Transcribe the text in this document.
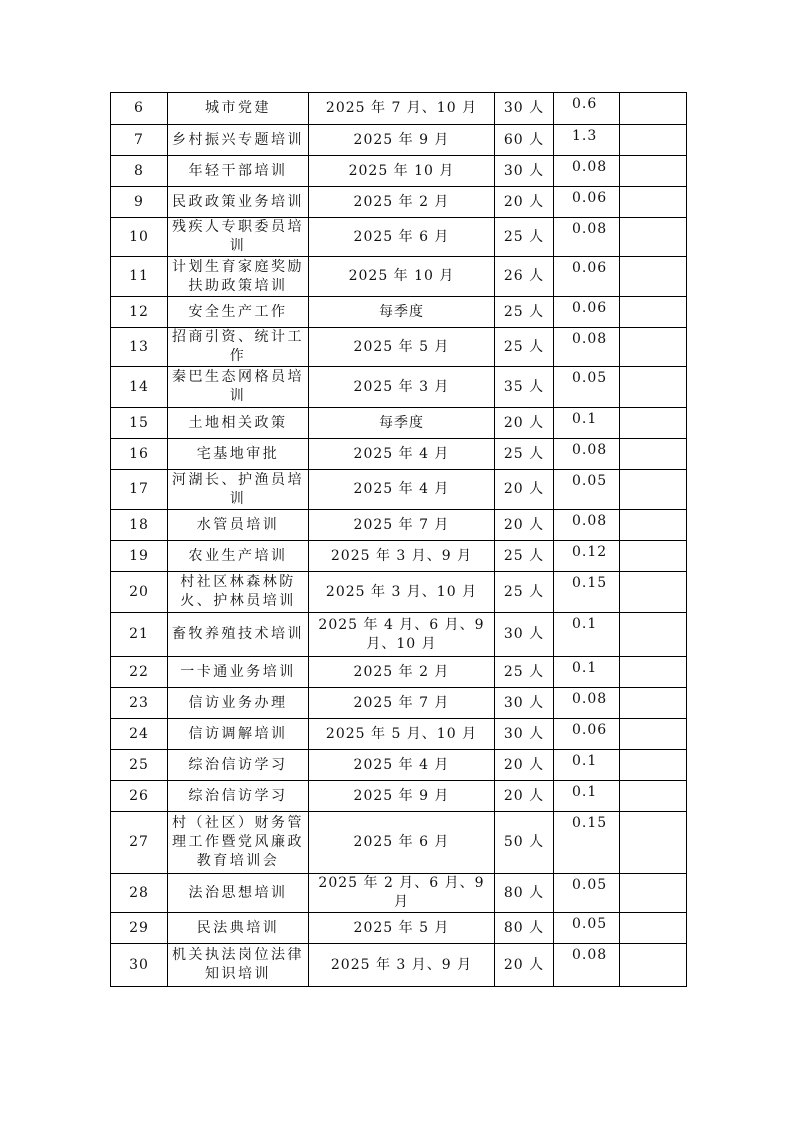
6	城市党建	2025 年 7 月、10 月	30 人	0.6	
7	乡村振兴专题培训	2025 年 9 月	60 人	1.3	
8	年轻干部培训	2025 年 10 月	30 人	0.08	
9	民政政策业务培训	2025 年 2 月	20 人	0.06	
10	残疾人专职委员培训	2025 年 6 月	25 人	0.08	
11	计划生育家庭奖励扶助政策培训	2025 年 10 月	26 人	0.06	
12	安全生产工作	每季度	25 人	0.06	
13	招商引资、统计工作	2025 年 5 月	25 人	0.08	
14	秦巴生态网格员培训	2025 年 3 月	35 人	0.05	
15	土地相关政策	每季度	20 人	0.1	
16	宅基地审批	2025 年 4 月	25 人	0.08	
17	河湖长、护渔员培训	2025 年 4 月	20 人	0.05	
18	水管员培训	2025 年 7 月	20 人	0.08	
19	农业生产培训	2025 年 3 月、9 月	25 人	0.12	
20	村社区林森林防火、护林员培训	2025 年 3 月、10 月	25 人	0.15	
21	畜牧养殖技术培训	2025 年 4 月、6 月、9 月、10 月	30 人	0.1	
22	一卡通业务培训	2025 年 2 月	25 人	0.1	
23	信访业务办理	2025 年 7 月	30 人	0.08	
24	信访调解培训	2025 年 5 月、10 月	30 人	0.06	
25	综治信访学习	2025 年 4 月	20 人	0.1	
26	综治信访学习	2025 年 9 月	20 人	0.1	
27	村（社区）财务管理工作暨党风廉政教育培训会	2025 年 6 月	50 人	0.15	
28	法治思想培训	2025 年 2 月、6 月、9 月	80 人	0.05	
29	民法典培训	2025 年 5 月	80 人	0.05	
30	机关执法岗位法律知识培训	2025 年 3 月、9 月	20 人	0.08	
